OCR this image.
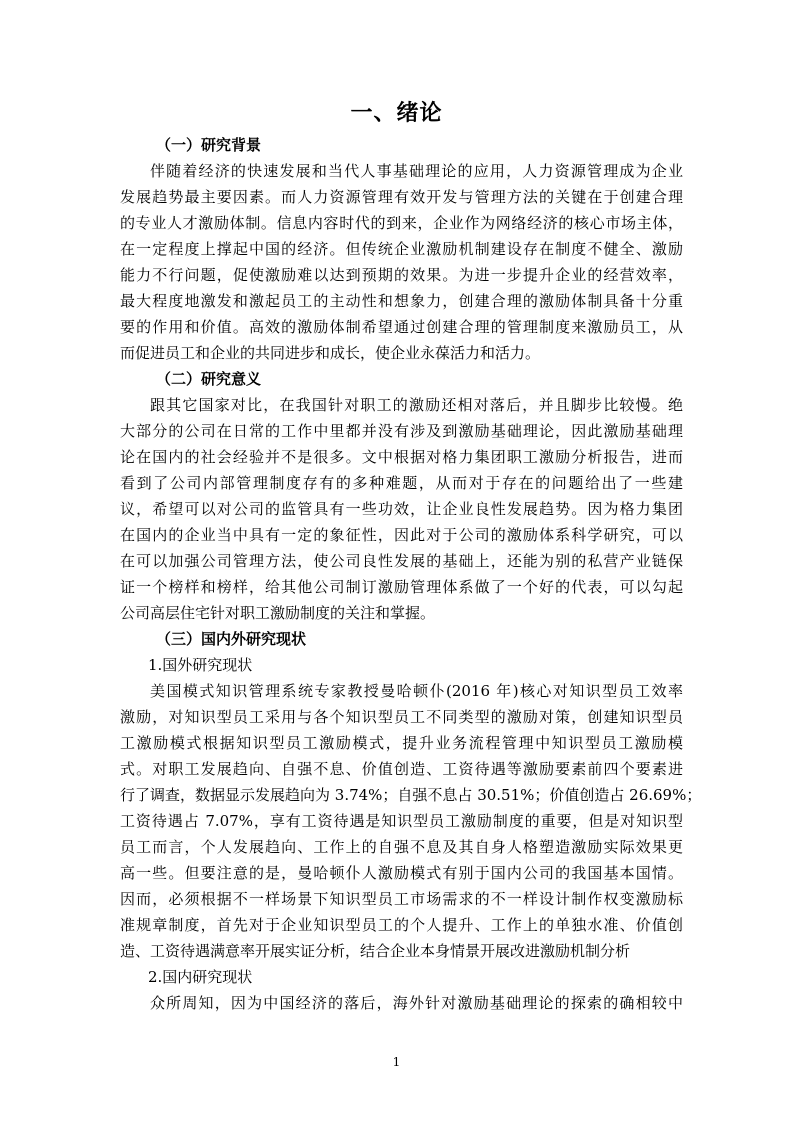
一、绪论

（一）研究背景

伴随着经济的快速发展和当代人事基础理论的应用，人力资源管理成为企业
发展趋势最主要因素。而人力资源管理有效开发与管理方法的关键在于创建合理
的专业人才激励体制。信息内容时代的到来，企业作为网络经济的核心市场主体，
在一定程度上撑起中国的经济。但传统企业激励机制建设存在制度不健全、激励
能力不行问题，促使激励难以达到预期的效果。为进一步提升企业的经营效率，
最大程度地激发和激起员工的主动性和想象力，创建合理的激励体制具备十分重
要的作用和价值。高效的激励体制希望通过创建合理的管理制度来激励员工，从
而促进员工和企业的共同进步和成长，使企业永葆活力和活力。

（二）研究意义

跟其它国家对比，在我国针对职工的激励还相对落后，并且脚步比较慢。绝
大部分的公司在日常的工作中里都并没有涉及到激励基础理论，因此激励基础理
论在国内的社会经验并不是很多。文中根据对格力集团职工激励分析报告，进而
看到了公司内部管理制度存有的多种难题，从而对于存在的问题给出了一些建
议，希望可以对公司的监管具有一些功效，让企业良性发展趋势。因为格力集团
在国内的企业当中具有一定的象征性，因此对于公司的激励体系科学研究，可以
在可以加强公司管理方法，使公司良性发展的基础上，还能为别的私营产业链保
证一个榜样和榜样，给其他公司制订激励管理体系做了一个好的代表，可以勾起
公司高层住宅针对职工激励制度的关注和掌握。

（三）国内外研究现状

1.国外研究现状

美国模式知识管理系统专家教授曼哈顿仆(2016 年)核心对知识型员工效率
激励，对知识型员工采用与各个知识型员工不同类型的激励对策，创建知识型员
工激励模式根据知识型员工激励模式，提升业务流程管理中知识型员工激励模
式。对职工发展趋向、自强不息、价值创造、工资待遇等激励要素前四个要素进
行了调查，数据显示发展趋向为 3.74%；自强不息占 30.51%；价值创造占 26.69%；
工资待遇占 7.07%，享有工资待遇是知识型员工激励制度的重要，但是对知识型
员工而言，个人发展趋向、工作上的自强不息及其自身人格塑造激励实际效果更
高一些。但要注意的是，曼哈顿仆人激励模式有别于国内公司的我国基本国情。
因而，必须根据不一样场景下知识型员工市场需求的不一样设计制作权变激励标
准规章制度，首先对于企业知识型员工的个人提升、工作上的单独水准、价值创
造、工资待遇满意率开展实证分析，结合企业本身情景开展改进激励机制分析

2.国内研究现状

众所周知，因为中国经济的落后，海外针对激励基础理论的探索的确相较中

1
